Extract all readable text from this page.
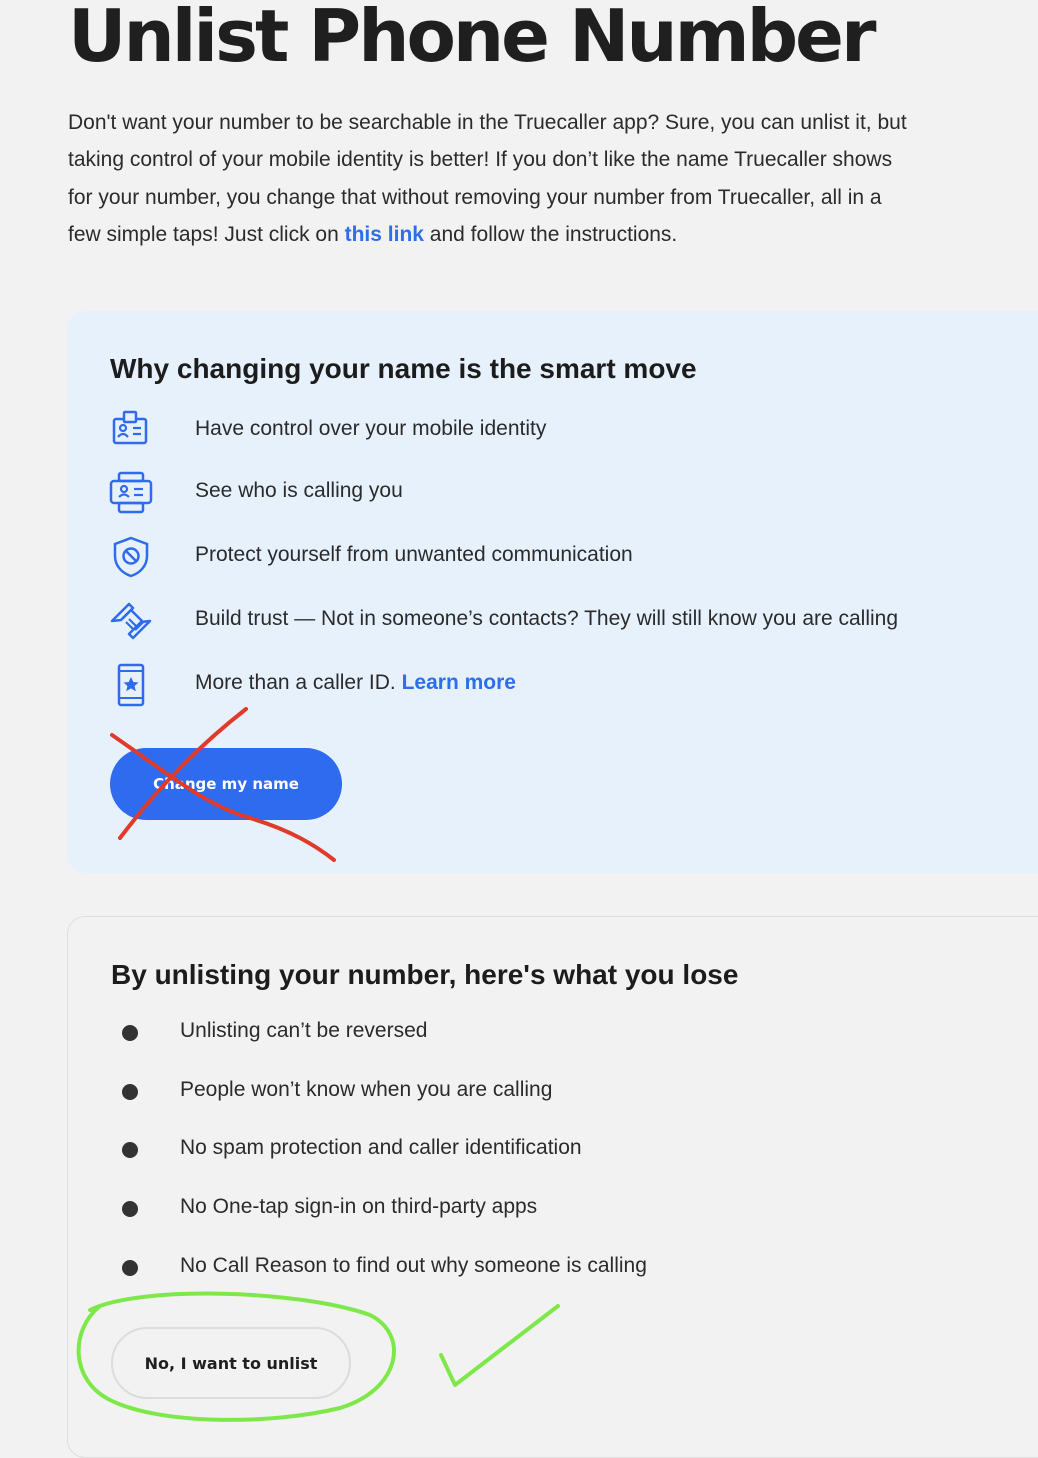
Unlist Phone Number

Don't want your number to be searchable in the Truecaller app? Sure, you can unlist it, but taking control of your mobile identity is better! If you don’t like the name Truecaller shows for your number, you change that without removing your number from Truecaller, all in a few simple taps! Just click on this link and follow the instructions.

Why changing your name is the smart move
Have control over your mobile identity
See who is calling you
Protect yourself from unwanted communication
Build trust — Not in someone’s contacts? They will still know you are calling
More than a caller ID. Learn more
Change my name
By unlisting your number, here's what you lose
Unlisting can’t be reversed
People won’t know when you are calling
No spam protection and caller identification
No One-tap sign-in on third-party apps
No Call Reason to find out why someone is calling
No, I want to unlist
